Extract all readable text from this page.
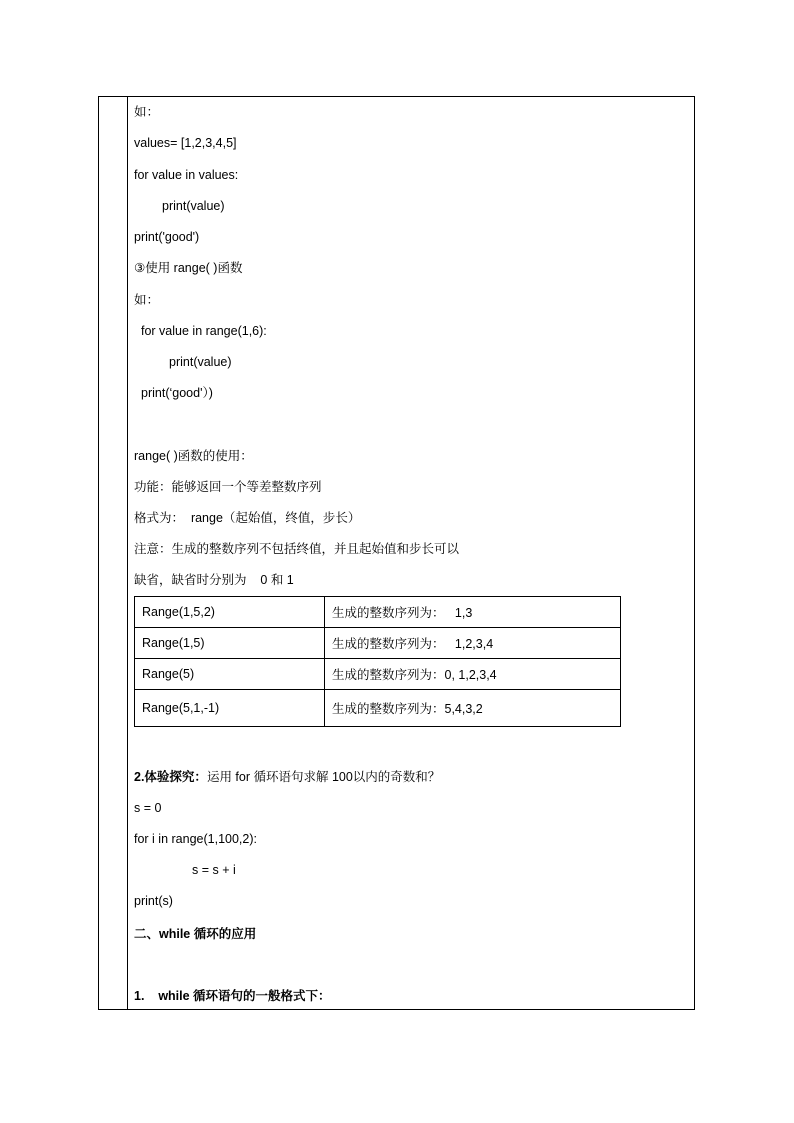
如：
values= [1,2,3,4,5]
for value in values:
print(value)
print('good')
③使用 range( )函数
如：
for value in range(1,6):
print(value)
print(‘good'）)
range( )函数的使用：
功能：能够返回一个等差整数序列
格式为：  range（起始值，终值，步长）
注意：生成的整数序列不包括终值，并且起始值和步长可以
缺省，缺省时分别为    0 和 1
Range(1,5,2)	生成的整数序列为：   1,3
Range(1,5)	生成的整数序列为：   1,2,3,4
Range(5)	生成的整数序列为：0, 1,2,3,4
Range(5,1,-1)	生成的整数序列为：5,4,3,2
2.体验探究：运用 for 循环语句求解 100以内的奇数和？
s = 0
for i in range(1,100,2):
s = s + i
print(s)
二、while 循环的应用
1.    while 循环语句的一般格式下：
